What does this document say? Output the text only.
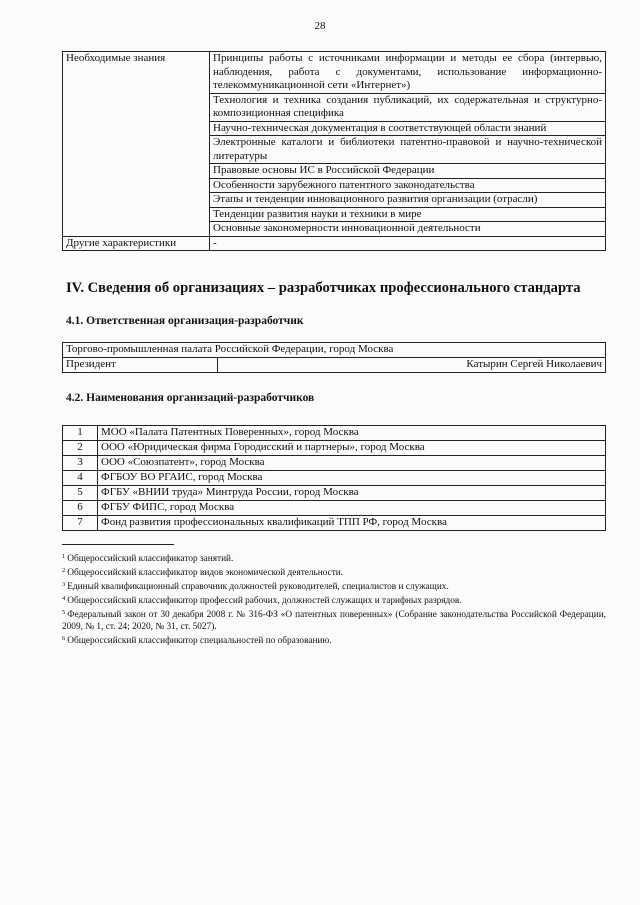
28
Необходимые знания	Принципы работы с источниками информации и методы ее сбора (интервью, наблюдения, работа с документами, использование информационно-телекоммуникационной сети «Интернет»)
	Технология и техника создания публикаций, их содержательная и структурно-композиционная специфика
	Научно-техническая документация в соответствующей области знаний
	Электронные каталоги и библиотеки патентно-правовой и научно-технической литературы
	Правовые основы ИС в Российской Федерации
	Особенности зарубежного патентного законодательства
	Этапы и тенденции инновационного развития организации (отрасли)
	Тенденции развития науки и техники в мире
	Основные закономерности инновационной деятельности
Другие характеристики	-
IV. Сведения об организациях – разработчиках профессионального стандарта
4.1. Ответственная организация-разработчик
Торгово-промышленная палата Российской Федерации, город Москва
Президент	Катырин Сергей Николаевич
4.2. Наименования организаций-разработчиков
1	МОО «Палата Патентных Поверенных», город Москва
2	ООО «Юридическая фирма Городисский и партнеры», город Москва
3	ООО «Союзпатент», город Москва
4	ФГБОУ ВО РГАИС, город Москва
5	ФГБУ «ВНИИ труда» Минтруда России, город Москва
6	ФГБУ ФИПС, город Москва
7	Фонд развития профессиональных квалификаций ТПП РФ, город Москва

$^1$ Общероссийский классификатор занятий.

$^2$ Общероссийский классификатор видов экономической деятельности.

$^3$ Единый квалификационный справочник должностей руководителей, специалистов и служащих.

$^4$ Общероссийский классификатор профессий рабочих, должностей служащих и тарифных разрядов.

$^5$ Федеральный закон от 30 декабря 2008 г. № 316-ФЗ «О патентных поверенных» (Собрание законодательства Российской Федерации, 2009, № 1, ст. 24; 2020, № 31, ст. 5027).

$^6$ Общероссийский классификатор специальностей по образованию.
